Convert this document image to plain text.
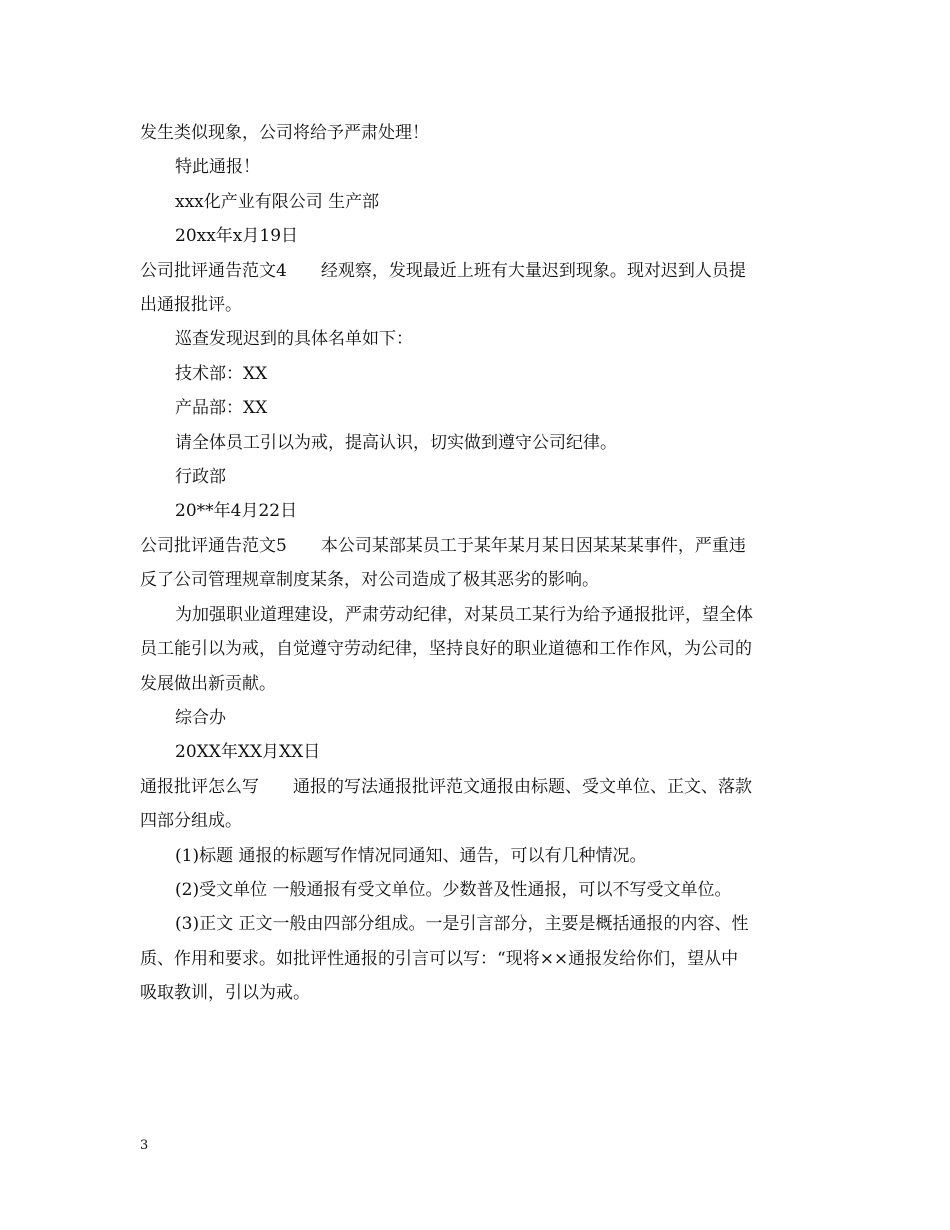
发生类似现象，公司将给予严肃处理！

特此通报！

xxx化产业有限公司 生产部

20xx年x月19日

公司批评通告范文4　　经观察，发现最近上班有大量迟到现象。现对迟到人员提

出通报批评。

巡查发现迟到的具体名单如下：

技术部：XX

产品部：XX

请全体员工引以为戒，提高认识，切实做到遵守公司纪律。

行政部

20**年4月22日

公司批评通告范文5　　本公司某部某员工于某年某月某日因某某某事件，严重违

反了公司管理规章制度某条，对公司造成了极其恶劣的影响。

为加强职业道理建设，严肃劳动纪律，对某员工某行为给予通报批评，望全体

员工能引以为戒，自觉遵守劳动纪律，坚持良好的职业道德和工作作风，为公司的

发展做出新贡献。

综合办

20XX年XX月XX日

通报批评怎么写　　通报的写法通报批评范文通报由标题、受文单位、正文、落款

四部分组成。

(1)标题 通报的标题写作情况同通知、通告，可以有几种情况。

(2)受文单位 一般通报有受文单位。少数普及性通报，可以不写受文单位。

(3)正文 正文一般由四部分组成。一是引言部分，主要是概括通报的内容、性

质、作用和要求。如批评性通报的引言可以写：“现将××通报发给你们，望从中

吸取教训，引以为戒。

3
